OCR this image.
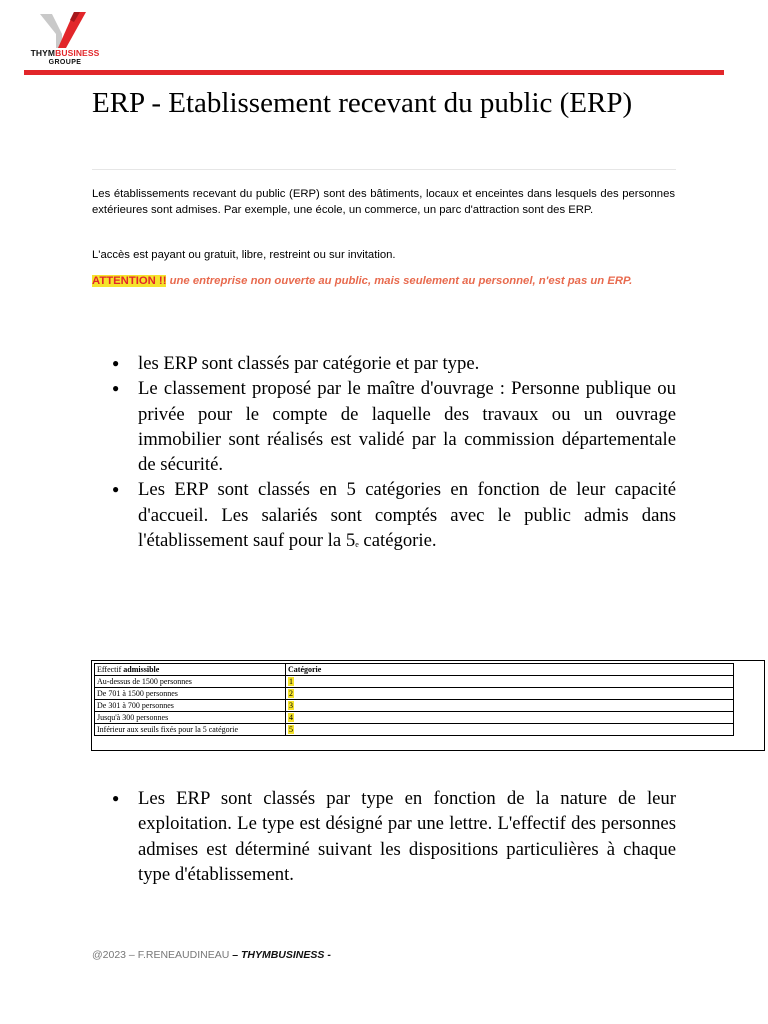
THYMBUSINESS
GROUPE
ERP - Etablissement recevant du public (ERP)

Les établissements recevant du public (ERP) sont des bâtiments, locaux et enceintes dans lesquels des personnes extérieures sont admises. Par exemple, une école, un commerce, un parc d'attraction sont des ERP.

L'accès est payant ou gratuit, libre, restreint ou sur invitation.

ATTENTION !! une entreprise non ouverte au public, mais seulement au personnel, n'est pas un ERP.

● les ERP sont classés par catégorie et par type.
● Le classement proposé par le maître d'ouvrage : Personne publique ou privée pour le compte de laquelle des travaux ou un ouvrage immobilier sont réalisés est validé par la commission départementale de sécurité.
● Les ERP sont classés en 5 catégories en fonction de leur capacité d'accueil. Les salariés sont comptés avec le public admis dans l'établissement sauf pour la 5e catégorie.
Effectif admissible	Catégorie
Au-dessus de 1500 personnes	1
De 701 à 1500 personnes	2
De 301 à 700 personnes	3
Jusqu'à 300 personnes	4
Inférieur aux seuils fixés pour la 5 catégorie	5
● Les ERP sont classés par type en fonction de la nature de leur exploitation. Le type est désigné par une lettre. L'effectif des personnes admises est déterminé suivant les dispositions particulières à chaque type d'établissement.
@2023 – F.RENEAUDINEAU – THYMBUSINESS -
